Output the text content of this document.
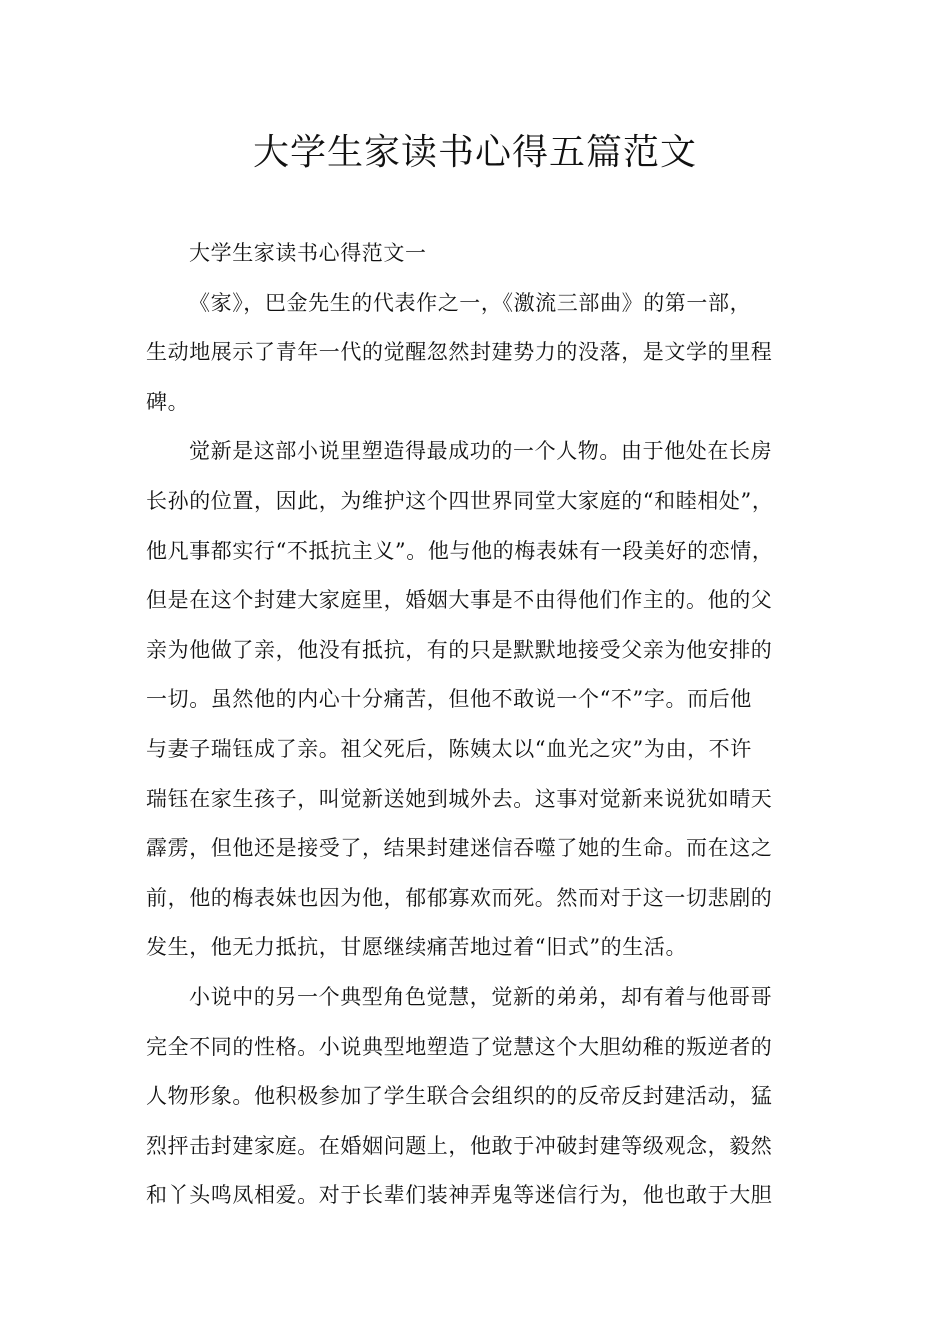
大学生家读书心得五篇范文
大学生家读书心得范文一
《家》，巴金先生的代表作之一，《激流三部曲》的第一部，
生动地展示了青年一代的觉醒忽然封建势力的没落，是文学的里程
碑。
觉新是这部小说里塑造得最成功的一个人物。由于他处在长房
长孙的位置，因此，为维护这个四世界同堂大家庭的“和睦相处”，
他凡事都实行“不抵抗主义”。他与他的梅表妹有一段美好的恋情，
但是在这个封建大家庭里，婚姻大事是不由得他们作主的。他的父
亲为他做了亲，他没有抵抗，有的只是默默地接受父亲为他安排的
一切。虽然他的内心十分痛苦，但他不敢说一个“不”字。而后他
与妻子瑞钰成了亲。祖父死后，陈姨太以“血光之灾”为由，不许
瑞钰在家生孩子，叫觉新送她到城外去。这事对觉新来说犹如晴天
霹雳，但他还是接受了，结果封建迷信吞噬了她的生命。而在这之
前，他的梅表妹也因为他，郁郁寡欢而死。然而对于这一切悲剧的
发生，他无力抵抗，甘愿继续痛苦地过着“旧式”的生活。
小说中的另一个典型角色觉慧，觉新的弟弟，却有着与他哥哥
完全不同的性格。小说典型地塑造了觉慧这个大胆幼稚的叛逆者的
人物形象。他积极参加了学生联合会组织的的反帝反封建活动，猛
烈抨击封建家庭。在婚姻问题上，他敢于冲破封建等级观念，毅然
和丫头鸣凤相爱。对于长辈们装神弄鬼等迷信行为，他也敢于大胆
